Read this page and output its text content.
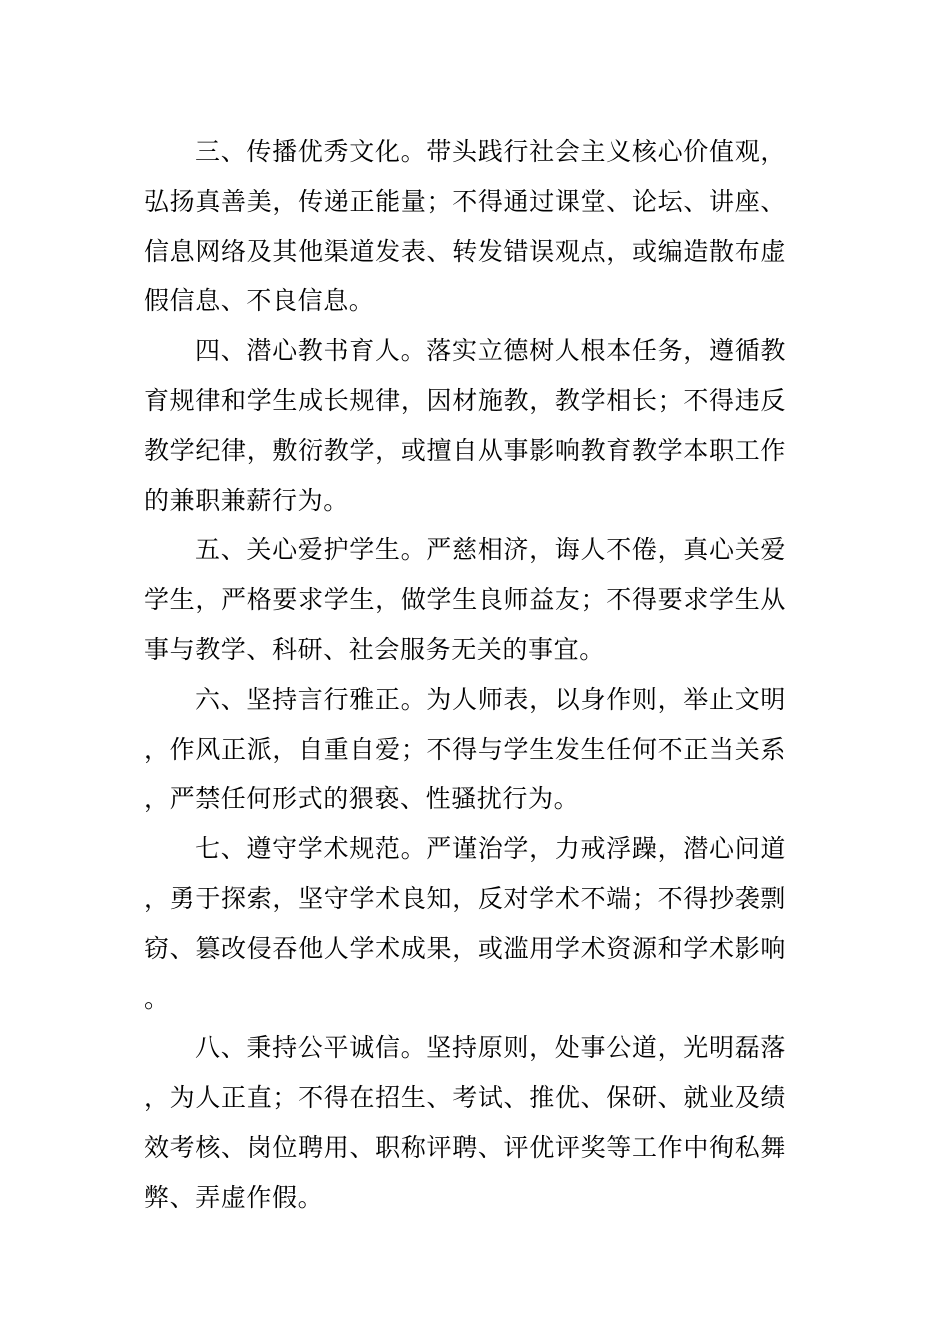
三、传播优秀文化。带头践行社会主义核心价值观，弘扬真善美，传递正能量；不得通过课堂、论坛、讲座、信息网络及其他渠道发表、转发错误观点，或编造散布虚假信息、不良信息。

四、潜心教书育人。落实立德树人根本任务，遵循教育规律和学生成长规律，因材施教，教学相长；不得违反教学纪律，敷衍教学，或擅自从事影响教育教学本职工作的兼职兼薪行为。

五、关心爱护学生。严慈相济，诲人不倦，真心关爱学生，严格要求学生，做学生良师益友；不得要求学生从事与教学、科研、社会服务无关的事宜。

六、坚持言行雅正。为人师表，以身作则，举止文明，作风正派，自重自爱；不得与学生发生任何不正当关系，严禁任何形式的猥亵、性骚扰行为。

七、遵守学术规范。严谨治学，力戒浮躁，潜心问道，勇于探索，坚守学术良知，反对学术不端；不得抄袭剽窃、篡改侵吞他人学术成果，或滥用学术资源和学术影响。

八、秉持公平诚信。坚持原则，处事公道，光明磊落，为人正直；不得在招生、考试、推优、保研、就业及绩效考核、岗位聘用、职称评聘、评优评奖等工作中徇私舞弊、弄虚作假。
